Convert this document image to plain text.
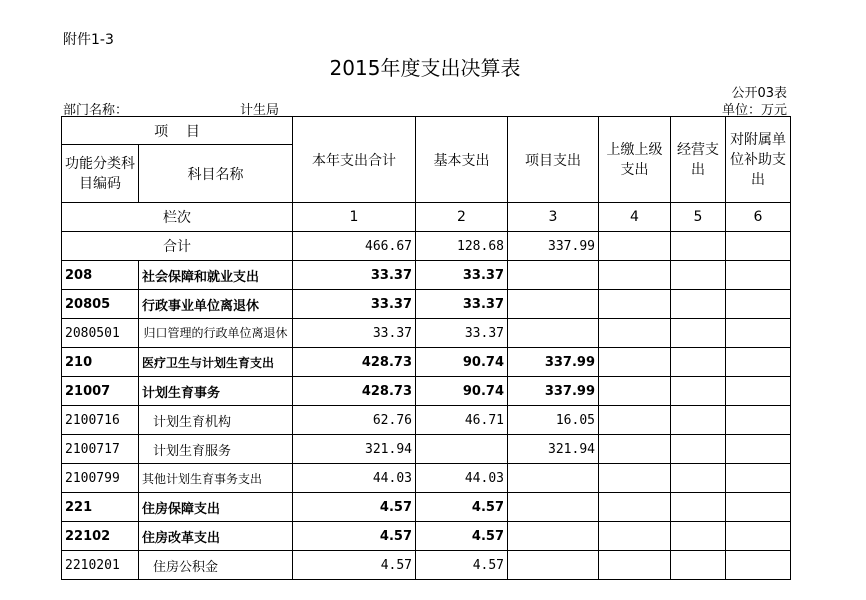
附件1-3
2015年度支出决算表
公开03表
部门名称：	计生局	单位：万元
项    目		本年支出合计	基本支出	项目支出	上缴上级支出	经营支出	对附属单位补助支出
功能分类科目编码	科目名称						
栏次		1	2	3	4	5	6
合计		466.67	128.68	337.99			
208	社会保障和就业支出	33.37	33.37				
20805	行政事业单位离退休	33.37	33.37				
2080501	归口管理的行政单位离退休	33.37	33.37				
210	医疗卫生与计划生育支出	428.73	90.74	337.99			
21007	计划生育事务	428.73	90.74	337.99			
2100716	计划生育机构	62.76	46.71	16.05			
2100717	计划生育服务	321.94		321.94			
2100799	其他计划生育事务支出	44.03	44.03				
221	住房保障支出	4.57	4.57				
22102	住房改革支出	4.57	4.57				
2210201	住房公积金	4.57	4.57				
